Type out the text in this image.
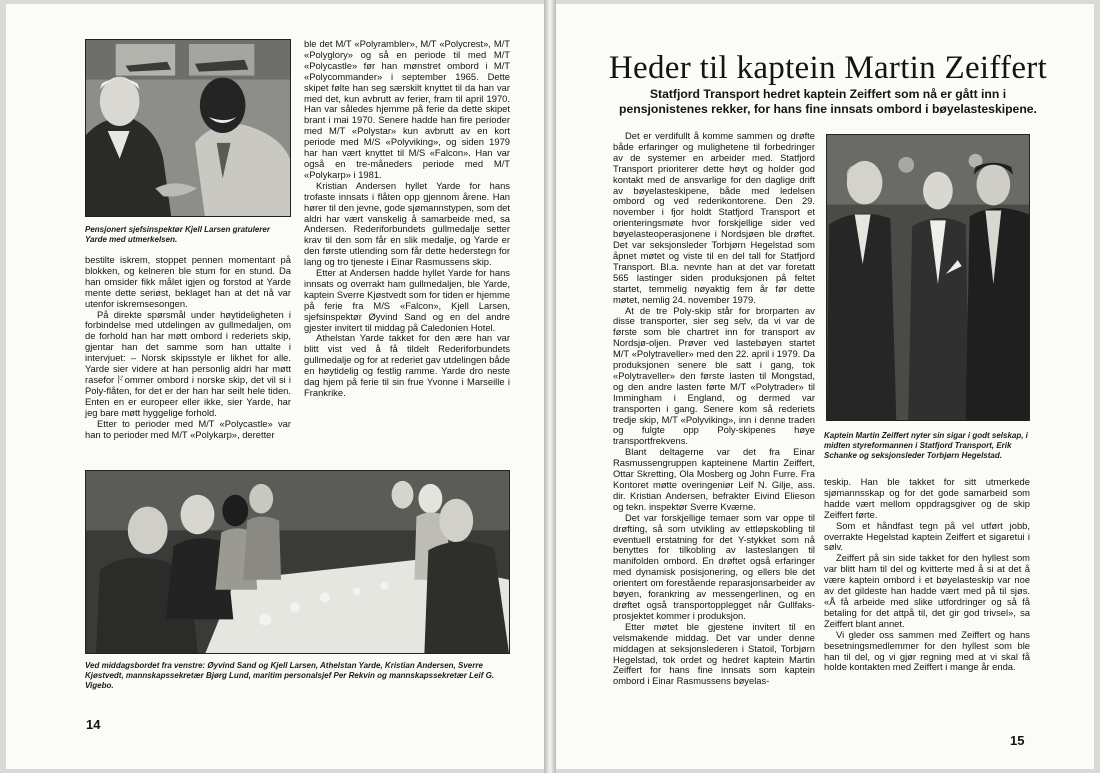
Pensjonert sjefsinspektør Kjell Larsen gratulerer Yarde med utmerkelsen.

bestilte iskrem, stoppet pennen momentant på blokken, og kelneren ble stum for en stund. Da han omsider fikk målet igjen og forstod at Yarde mente dette seriøst, beklaget han at det nå var utenfor iskremsesongen.

På direkte spørsmål under høytideligheten i forbindelse med utdelingen av gullmedaljen, om de forhold han har møtt ombord i rederiets skip, gjentar han det samme som han uttalte i intervjuet: – Norsk skipsstyle er likhet for alle. Yarde sier videre at han personlig aldri har møtt raseforドommer ombord i norske skip, det vil si i Poly-flåten, for det er der han har seilt hele tiden. Enten en er europeer eller ikke, sier Yarde, har jeg bare møtt hyggelige forhold.

Etter to perioder med M/T «Polycastle» var han to perioder med M/T «Polykarp», deretter

ble det M/T «Polyrambler», M/T «Polycrest», M/T «Polyglory» og så en periode til med M/T «Polycastle» før han mønstret ombord i M/T «Polycommander» i september 1965. Dette skipet følte han seg særskilt knyttet til da han var med det, kun avbrutt av ferier, fram til april 1970. Han var således hjemme på ferie da dette skipet brant i mai 1970. Senere hadde han fire perioder med M/T «Polystar» kun avbrutt av en kort periode med M/S «Polyviking», og siden 1979 har han vært knyttet til M/S «Falcon». Han var også en tre-måneders periode med M/T «Polykarp» i 1981.

Kristian Andersen hyllet Yarde for hans trofaste innsats i flåten opp gjennom årene. Han hører til den jevne, gode sjømannstypen, som det aldri har vært vanskelig å samarbeide med, sa Andersen. Rederiforbundets gullmedalje setter krav til den som får en slik medalje, og Yarde er den første utlending som får dette hederstegn for lang og tro tjeneste i Einar Rasmussens skip.

Etter at Andersen hadde hyllet Yarde for hans innsats og overrakt ham gullmedaljen, ble Yarde, kaptein Sverre Kjøstvedt som for tiden er hjemme på ferie fra M/S «Falcon», Kjell Larsen, sjefsinspektør Øyvind Sand og en del andre gjester invitert til middag på Caledonien Hotel.

Athelstan Yarde takket for den ære han var blitt vist ved å få tildelt Rederiforbundets gullmedalje og for at rederiet gav utdelingen både en høytidelig og festlig ramme. Yarde dro neste dag hjem på ferie til sin frue Yvonne i Marseille i Frankrike.

Ved middagsbordet fra venstre: Øyvind Sand og Kjell Larsen, Athelstan Yarde, Kristian Andersen, Sverre Kjøstvedt, mannskapssekretær Bjørg Lund, maritim personalsjef Per Rekvin og mannskapssekretær Leif G. Vigebo.
14
Heder til kaptein Martin Zeiffert
Statfjord Transport hedret kaptein Zeiffert som nå er gått inn i pensjonistenes rekker, for hans fine innsats ombord i bøyelasteskipene.

Det er verdifullt å komme sammen og drøfte både erfaringer og mulighetene til forbedringer av de systemer en arbeider med. Statfjord Transport prioriterer dette høyt og holder god kontakt med de ansvarlige for den daglige drift av bøyelasteskipene, både med ledelsen ombord og ved rederikontorene. Den 29. november i fjor holdt Statfjord Transport et orienteringsmøte hvor forskjellige sider ved bøyelasteoperasjonene i Nordsjøen ble drøftet. Det var seksjonsleder Torbjørn Hegelstad som åpnet møtet og viste til en del tall for Statfjord Transport. Bl.a. nevnte han at det var foretatt 565 lastinger siden produksjonen på feltet startet, temmelig nøyaktig fem år før dette møtet, nemlig 24. november 1979.

At de tre Poly-skip står for brorparten av disse transporter, sier seg selv, da vi var de første som ble chartret inn for transport av Nordsjø-oljen. Prøver ved lastebøyen startet M/T «Polytraveller» med den 22. april i 1979. Da produksjonen senere ble satt i gang, tok «Polytraveller» den første lasten til Mongstad, og den andre lasten førte M/T «Polytrader» til Immingham i England, og dermed var transporten i gang. Senere kom så rederiets tredje skip, M/T «Polyviking», inn i denne traden og fulgte opp Poly-skipenes høye transportfrekvens.

Blant deltagerne var det fra Einar Rasmussengruppen kapteinene Martin Zeiffert, Ottar Skretting, Ola Mosberg og John Furre. Fra Kontoret møtte overingeniør Leif N. Gilje, ass. dir. Kristian Andersen, befrakter Eivind Elieson og tekn. inspektør Sverre Kværne.

Det var forskjellige temaer som var oppe til drøfting, så som utvikling av ettløpskobling til eventuell erstatning for det Y-stykket som nå benyttes for tilkobling av lasteslangen til manifolden ombord. En drøftet også erfaringer med dynamisk posisjonering, og ellers ble det orientert om forestående reparasjonsarbeider av bøyen, forankring av messengerlinen, og en drøftet også transportopplegget når Gullfaks-prosjektet kommer i produksjon.

Etter møtet ble gjestene invitert til en velsmakende middag. Det var under denne middagen at seksjonslederen i Statoil, Torbjørn Hegelstad, tok ordet og hedret kaptein Martin Zeiffert for hans fine innsats som kaptein ombord i Einar Rasmussens bøyelas-

Kaptein Martin Zeiffert nyter sin sigar i godt selskap, i midten styreformannen i Statfjord Transport, Erik Schanke og seksjonsleder Torbjørn Hegelstad.

teskip. Han ble takket for sitt utmerkede sjømannsskap og for det gode samarbeid som hadde vært mellom oppdragsgiver og de skip Zeiffert førte.

Som et håndfast tegn på vel utført jobb, overrakte Hegelstad kaptein Zeiffert et sigaretui i sølv.

Zeiffert på sin side takket for den hyllest som var blitt ham til del og kvitterte med å si at det å være kaptein ombord i et bøyelasteskip var noe av det gildeste han hadde vært med på til sjøs. «Å få arbeide med slike utfordringer og så få betaling for det attpå til, det gir god trivsel», sa Zeiffert blant annet.

Vi gleder oss sammen med Zeiffert og hans besetningsmedlemmer for den hyllest som ble han til del, og vi gjør regning med at vi skal få holde kontakten med Zeiffert i mange år enda.

15
